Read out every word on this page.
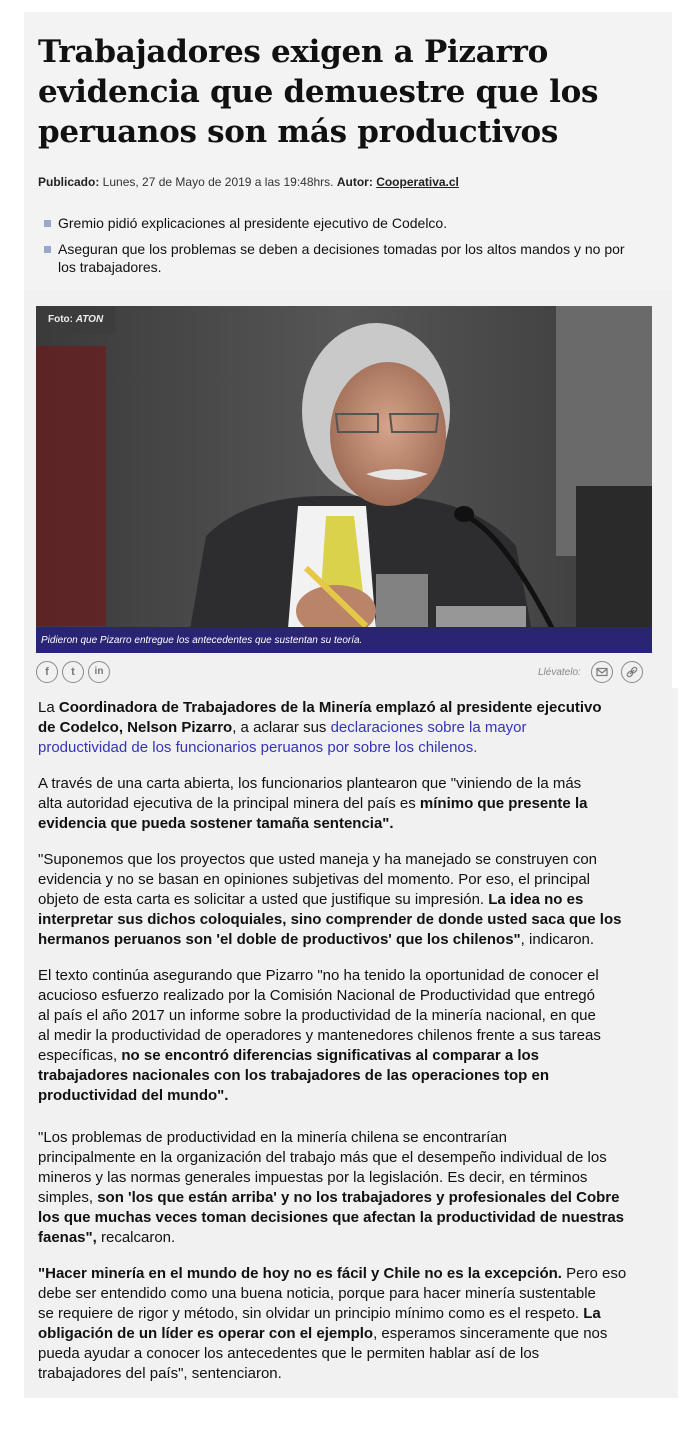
Trabajadores exigen a Pizarro
evidencia que demuestre que los
peruanos son más productivos
Publicado: Lunes, 27 de Mayo de 2019 a las 19:48hrs. Autor: Cooperativa.cl
Gremio pidió explicaciones al presidente ejecutivo de Codelco.
Aseguran que los problemas se deben a decisiones tomadas por los altos mandos y no por
los trabajadores.
Foto: ATON
Pidieron que Pizarro entregue los antecedentes que sustentan su teoría.
f	t	in	Llévatelo:

La Coordinadora de Trabajadores de la Minería emplazó al presidente ejecutivo
de Codelco, Nelson Pizarro, a aclarar sus declaraciones sobre la mayor
productividad de los funcionarios peruanos por sobre los chilenos.

A través de una carta abierta, los funcionarios plantearon que "viniendo de la más
alta autoridad ejecutiva de la principal minera del país es mínimo que presente la
evidencia que pueda sostener tamaña sentencia".

"Suponemos que los proyectos que usted maneja y ha manejado se construyen con
evidencia y no se basan en opiniones subjetivas del momento. Por eso, el principal
objeto de esta carta es solicitar a usted que justifique su impresión. La idea no es
interpretar sus dichos coloquiales, sino comprender de donde usted saca que los
hermanos peruanos son 'el doble de productivos' que los chilenos", indicaron.

El texto continúa asegurando que Pizarro "no ha tenido la oportunidad de conocer el
acucioso esfuerzo realizado por la Comisión Nacional de Productividad que entregó
al país el año 2017 un informe sobre la productividad de la minería nacional, en que
al medir la productividad de operadores y mantenedores chilenos frente a sus tareas
específicas, no se encontró diferencias significativas al comparar a los
trabajadores nacionales con los trabajadores de las operaciones top en
productividad del mundo".

"Los problemas de productividad en la minería chilena se encontrarían
principalmente en la organización del trabajo más que el desempeño individual de los
mineros y las normas generales impuestas por la legislación. Es decir, en términos
simples, son 'los que están arriba' y no los trabajadores y profesionales del Cobre
los que muchas veces toman decisiones que afectan la productividad de nuestras
faenas", recalcaron.

"Hacer minería en el mundo de hoy no es fácil y Chile no es la excepción. Pero eso
debe ser entendido como una buena noticia, porque para hacer minería sustentable
se requiere de rigor y método, sin olvidar un principio mínimo como es el respeto. La
obligación de un líder es operar con el ejemplo, esperamos sinceramente que nos
pueda ayudar a conocer los antecedentes que le permiten hablar así de los
trabajadores del país", sentenciaron.
